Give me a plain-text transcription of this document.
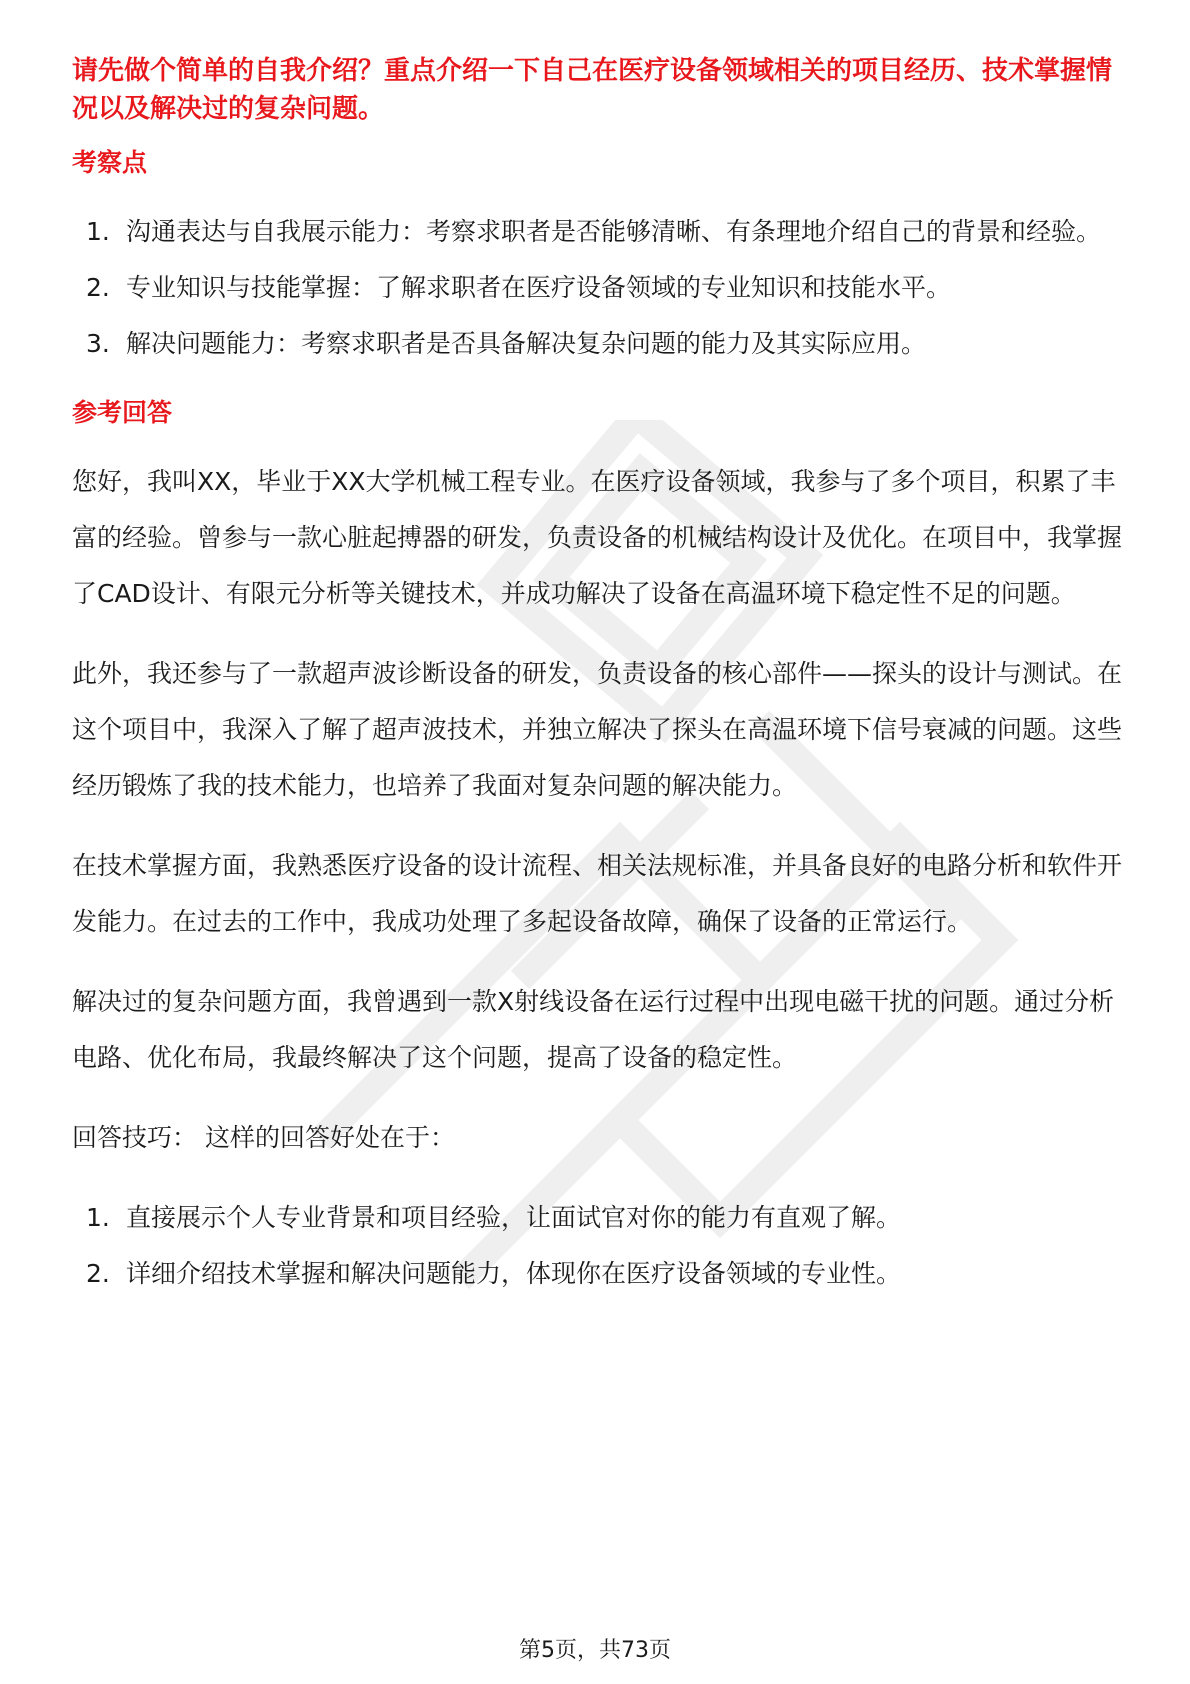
请先做个简单的自我介绍？重点介绍一下自己在医疗设备领域相关的项目经历、技术掌握情况以及解决过的复杂问题。
考察点
1. 沟通表达与自我展示能力：考察求职者是否能够清晰、有条理地介绍自己的背景和经验。
2. 专业知识与技能掌握：了解求职者在医疗设备领域的专业知识和技能水平。
3. 解决问题能力：考察求职者是否具备解决复杂问题的能力及其实际应用。
参考回答

您好，我叫XX，毕业于XX大学机械工程专业。在医疗设备领域，我参与了多个项目，积累了丰富的经验。曾参与一款心脏起搏器的研发，负责设备的机械结构设计及优化。在项目中，我掌握了CAD设计、有限元分析等关键技术，并成功解决了设备在高温环境下稳定性不足的问题。

此外，我还参与了一款超声波诊断设备的研发，负责设备的核心部件——探头的设计与测试。在这个项目中，我深入了解了超声波技术，并独立解决了探头在高温环境下信号衰减的问题。这些经历锻炼了我的技术能力，也培养了我面对复杂问题的解决能力。

在技术掌握方面，我熟悉医疗设备的设计流程、相关法规标准，并具备良好的电路分析和软件开发能力。在过去的工作中，我成功处理了多起设备故障，确保了设备的正常运行。

解决过的复杂问题方面，我曾遇到一款X射线设备在运行过程中出现电磁干扰的问题。通过分析电路、优化布局，我最终解决了这个问题，提高了设备的稳定性。

回答技巧： 这样的回答好处在于：

1. 直接展示个人专业背景和项目经验，让面试官对你的能力有直观了解。
2. 详细介绍技术掌握和解决问题能力，体现你在医疗设备领域的专业性。
第5页，共73页
